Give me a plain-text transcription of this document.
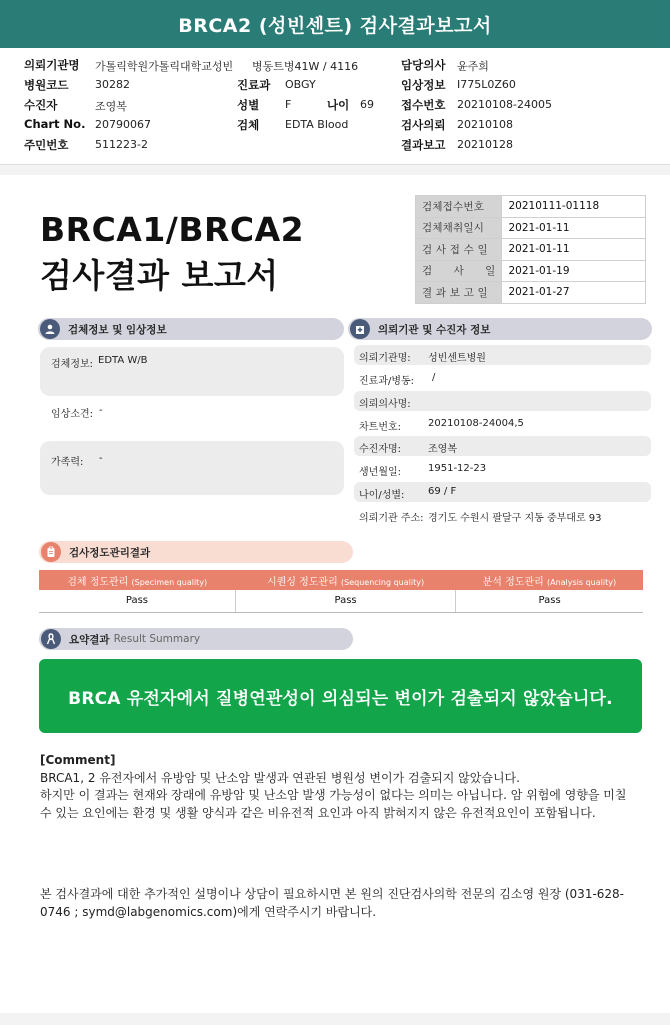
BRCA2 (성빈센트) 검사결과보고서
의뢰기관명 가톨릭학원가톨릭대학교성빈 병동트병41W / 4116	담당의사 윤주희
병원코드 30282	진료과 OBGY	임상정보 I775L0Z60
수진자	조영복	성별 F	나이 69 접수번호 20210108-24005
Chart No. 20790067	검체 EDTA Blood	검사의뢰 20210108
주민번호 511223-2	결과보고 20210128
BRCA1/BRCA2
검사결과 보고서
검체접수번호	20210111-01118
검체채취일시	2021-01-11
검 사 접 수 일	2021-01-11
검      사      일	2021-01-19
결 과 보 고 일	2021-01-27
검체정보 및 임상정보
검체정보: EDTA W/B
임상소견: -
가족력: -
의뢰기관 및 수진자 정보
의뢰기관명: 성빈센트병원
진료과/병동: /
의뢰의사명:
차트번호:	20210108-24004,5
수진자명:	조영복
생년월일:	1951-12-23
나이/성별: 69 / F
의뢰기관 주소: 경기도 수원시 팔달구 지동 중부대로 93
검사정도관리결과
검체 정도관리 (Specimen quality)	시퀀싱 정도관리 (Sequencing quality)	분석 정도관리 (Analysis quality)
Pass	Pass	Pass
요약결과 Result Summary
BRCA 유전자에서 질병연관성이 의심되는 변이가 검출되지 않았습니다.
[Comment]
BRCA1, 2 유전자에서 유방암 및 난소암 발생과 연관된 병원성 변이가 검출되지 않았습니다.
하지만 이 결과는 현재와 장래에 유방암 및 난소암 발생 가능성이 없다는 의미는 아닙니다. 암 위험에 영향을 미칠 수 있는 요인에는 환경 및 생활 양식과 같은 비유전적 요인과 아직 밝혀지지 않은 유전적요인이 포함됩니다.
본 검사결과에 대한 추가적인 설명이나 상담이 필요하시면 본 원의 진단검사의학 전문의 김소영 원장 (031-628-0746 ; symd@labgenomics.com)에게 연락주시기 바랍니다.
